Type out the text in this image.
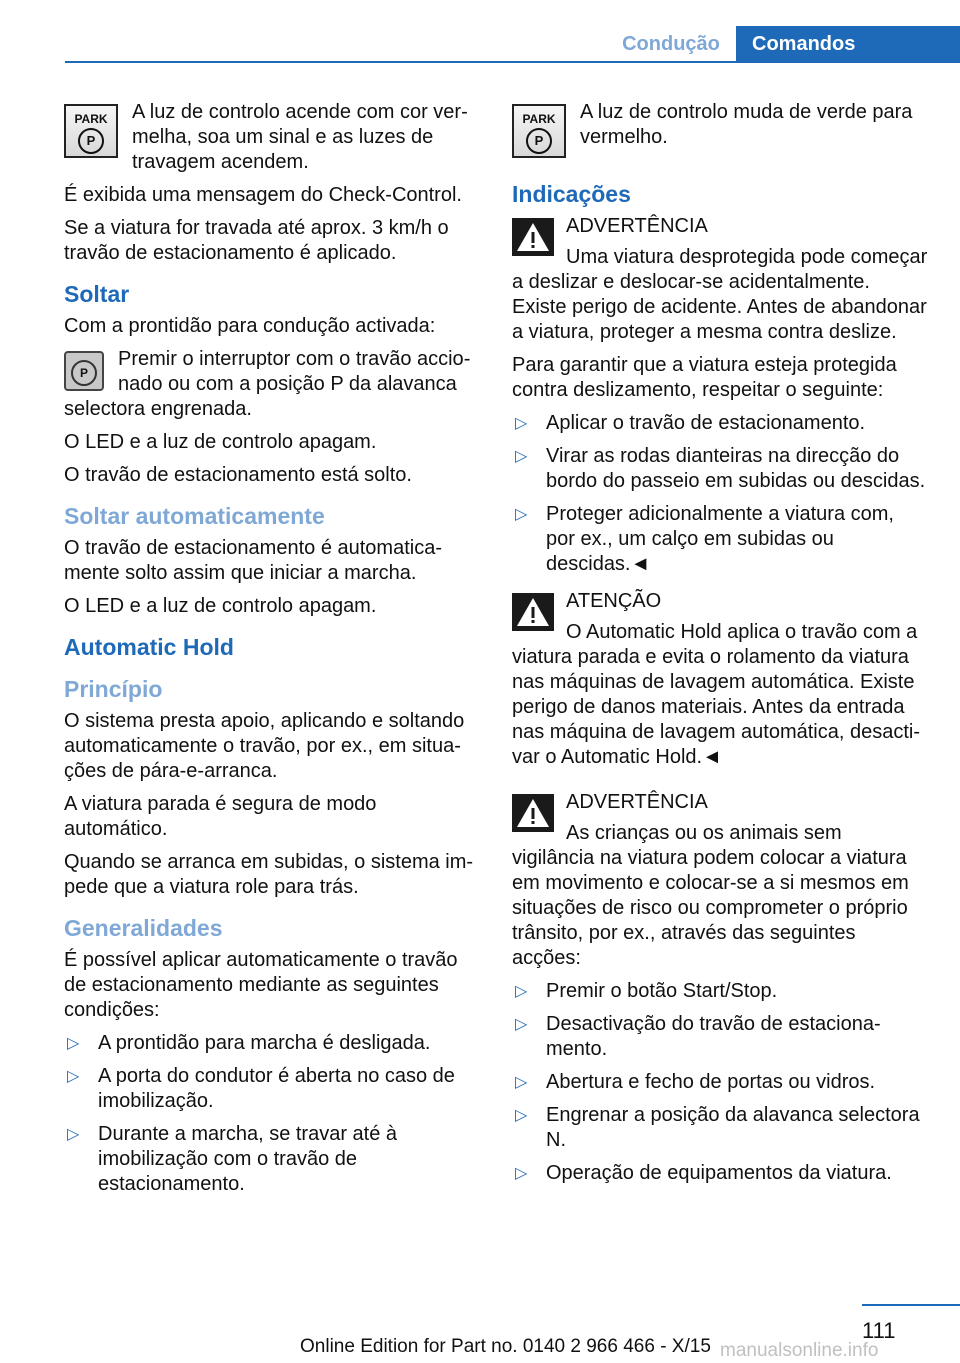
Condução	Comandos
PARK
P

A luz de controlo acende com cor vermelha, soa um sinal e as luzes de travagem acendem.

É exibida uma mensagem do Check-Control.

Se a viatura for travada até aprox. 3 km/h o travão de estacionamento é aplicado.

Soltar

Com a prontidão para condução activada:

P

Premir o interruptor com o travão accionado ou com a posição P da alavanca selectora engrenada.

O LED e a luz de controlo apagam.

O travão de estacionamento está solto.

Soltar automaticamente

O travão de estacionamento é automaticamente solto assim que iniciar a marcha.

O LED e a luz de controlo apagam.

Automatic Hold
Princípio

O sistema presta apoio, aplicando e soltando automaticamente o travão, por ex., em situações de pára-e-arranca.

A viatura parada é segura de modo automático.

Quando se arranca em subidas, o sistema impede que a viatura role para trás.

Generalidades

É possível aplicar automaticamente o travão de estacionamento mediante as seguintes condições:

▷ A prontidão para marcha é desligada.
▷ A porta do condutor é aberta no caso de imobilização.
▷ Durante a marcha, se travar até à imobilização com o travão de estacionamento.
PARK
P

A luz de controlo muda de verde para vermelho.

Indicações
ADVERTÊNCIA

Uma viatura desprotegida pode começar a deslizar e deslocar-se acidentalmente. Existe perigo de acidente. Antes de abandonar a viatura, proteger a mesma contra deslize.

Para garantir que a viatura esteja protegida contra deslizamento, respeitar o seguinte:

▷ Aplicar o travão de estacionamento.
▷ Virar as rodas dianteiras na direcção do bordo do passeio em subidas ou descidas.
▷ Proteger adicionalmente a viatura com, por ex., um calço em subidas ou descidas.◄
ATENÇÃO

O Automatic Hold aplica o travão com a viatura parada e evita o rolamento da viatura nas máquinas de lavagem automática. Existe perigo de danos materiais. Antes da entrada nas máquina de lavagem automática, desactivar o Automatic Hold.◄

ADVERTÊNCIA

As crianças ou os animais sem vigilância na viatura podem colocar a viatura em movimento e colocar-se a si mesmos em situações de risco ou comprometer o próprio trânsito, por ex., através das seguintes acções:

▷ Premir o botão Start/Stop.
▷ Desactivação do travão de estacionamento.
▷ Abertura e fecho de portas ou vidros.
▷ Engrenar a posição da alavanca selectora N.
▷ Operação de equipamentos da viatura.
111
Online Edition for Part no. 0140 2 966 466 - X/15 manualsonline.info
